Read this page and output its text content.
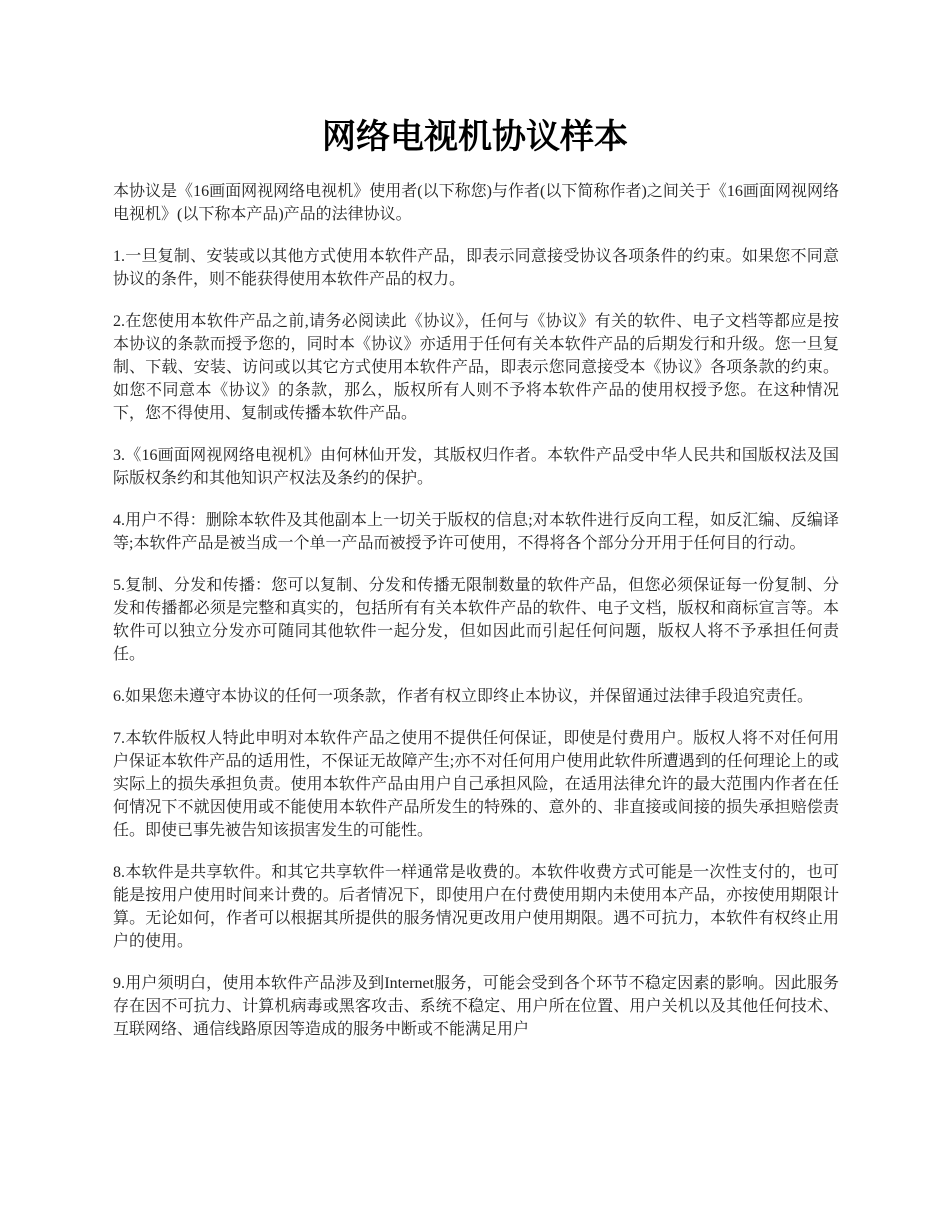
网络电视机协议样本

本协议是《16画面网视网络电视机》使用者(以下称您)与作者(以下简称作者)之间关于《16画面网视网络电视机》(以下称本产品)产品的法律协议。

1.一旦复制、安装或以其他方式使用本软件产品，即表示同意接受协议各项条件的约束。如果您不同意协议的条件，则不能获得使用本软件产品的权力。

2.在您使用本软件产品之前,请务必阅读此《协议》，任何与《协议》有关的软件、电子文档等都应是按本协议的条款而授予您的，同时本《协议》亦适用于任何有关本软件产品的后期发行和升级。您一旦复制、下载、安装、访问或以其它方式使用本软件产品，即表示您同意接受本《协议》各项条款的约束。如您不同意本《协议》的条款，那么，版权所有人则不予将本软件产品的使用权授予您。在这种情况下，您不得使用、复制或传播本软件产品。

3.《16画面网视网络电视机》由何林仙开发，其版权归作者。本软件产品受中华人民共和国版权法及国际版权条约和其他知识产权法及条约的保护。

4.用户不得：删除本软件及其他副本上一切关于版权的信息;对本软件进行反向工程，如反汇编、反编译等;本软件产品是被当成一个单一产品而被授予许可使用，不得将各个部分分开用于任何目的行动。

5.复制、分发和传播：您可以复制、分发和传播无限制数量的软件产品，但您必须保证每一份复制、分发和传播都必须是完整和真实的，包括所有有关本软件产品的软件、电子文档，版权和商标宣言等。本软件可以独立分发亦可随同其他软件一起分发，但如因此而引起任何问题，版权人将不予承担任何责任。

6.如果您未遵守本协议的任何一项条款，作者有权立即终止本协议，并保留通过法律手段追究责任。

7.本软件版权人特此申明对本软件产品之使用不提供任何保证，即使是付费用户。版权人将不对任何用户保证本软件产品的适用性，不保证无故障产生;亦不对任何用户使用此软件所遭遇到的任何理论上的或实际上的损失承担负责。使用本软件产品由用户自己承担风险，在适用法律允许的最大范围内作者在任何情况下不就因使用或不能使用本软件产品所发生的特殊的、意外的、非直接或间接的损失承担赔偿责任。即使已事先被告知该损害发生的可能性。

8.本软件是共享软件。和其它共享软件一样通常是收费的。本软件收费方式可能是一次性支付的，也可能是按用户使用时间来计费的。后者情况下，即使用户在付费使用期内未使用本产品，亦按使用期限计算。无论如何，作者可以根据其所提供的服务情况更改用户使用期限。遇不可抗力，本软件有权终止用户的使用。

9.用户须明白，使用本软件产品涉及到Internet服务，可能会受到各个环节不稳定因素的影响。因此服务存在因不可抗力、计算机病毒或黑客攻击、系统不稳定、用户所在位置、用户关机以及其他任何技术、互联网络、通信线路原因等造成的服务中断或不能满足用户
